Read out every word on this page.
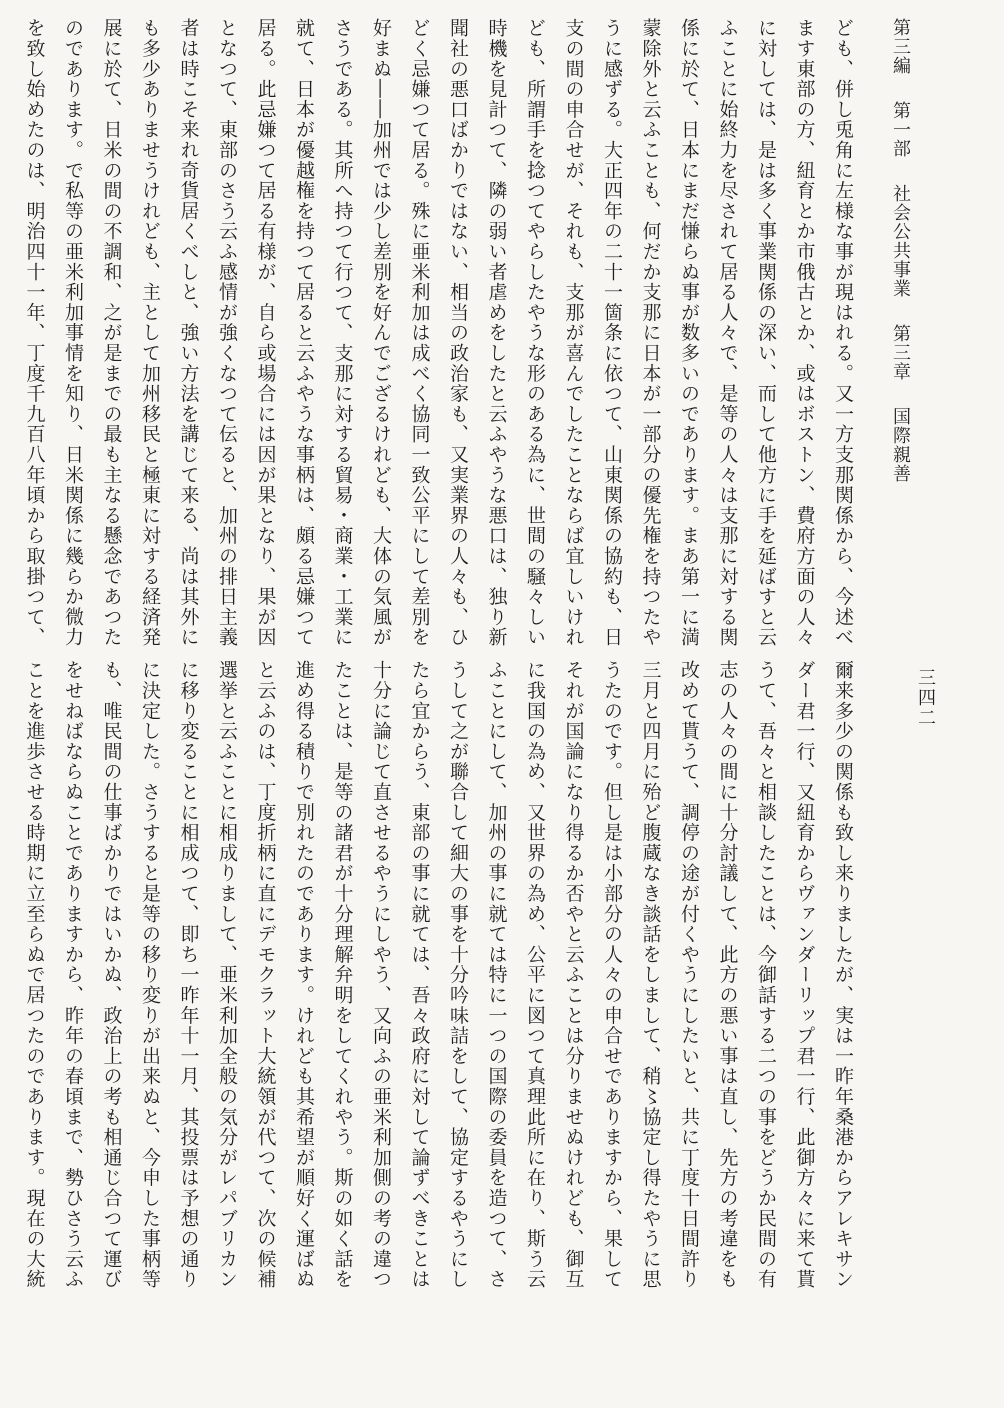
第三編第一部社会公共事業第三章国際親善
三四二
ども、併し兎角に左様な事が現はれる。又一方支那関係から、今述べ
ます東部の方、紐育とか市俄古とか、或はボストン、費府方面の人々
に対しては、是は多く事業関係の深い、而して他方に手を延ばすと云
ふことに始終力を尽されて居る人々で、是等の人々は支那に対する関
係に於て、日本にまだ慊らぬ事が数多いのであります。まあ第一に満
蒙除外と云ふことも、何だか支那に日本が一部分の優先権を持つたや
うに感ずる。大正四年の二十一箇条に依つて、山東関係の協約も、日
支の間の申合せが、それも、支那が喜んでしたことならば宜しいけれ
ども、所謂手を捻つてやらしたやうな形のある為に、世間の騒々しい
時機を見計つて、隣の弱い者虐めをしたと云ふやうな悪口は、独り新
聞社の悪口ばかりではない、相当の政治家も、又実業界の人々も、ひ
どく忌嫌つて居る。殊に亜米利加は成べく協同一致公平にして差別を
好まぬ――加州では少し差別を好んでござるけれども、大体の気風が
さうである。其所へ持つて行つて、支那に対する貿易・商業・工業に
就て、日本が優越権を持つて居ると云ふやうな事柄は、頗る忌嫌つて
居る。此忌嫌つて居る有様が、自ら或場合には因が果となり、果が因
となつて、東部のさう云ふ感情が強くなつて伝ると、加州の排日主義
者は時こそ来れ奇貨居くべしと、強い方法を講じて来る、尚は其外に
も多少ありませうけれども、主として加州移民と極東に対する経済発
展に於て、日米の間の不調和、之が是までの最も主なる懸念であつた
のであります。で私等の亜米利加事情を知り、日米関係に幾らか微力
を致し始めたのは、明治四十一年、丁度千九百八年頃から取掛つて、
爾来多少の関係も致し来りましたが、実は一昨年桑港からアレキサン
ダー君一行、又紐育からヴァンダーリップ君一行、此御方々に来て貰
うて、吾々と相談したことは、今御話する二つの事をどうか民間の有
志の人々の間に十分討議して、此方の悪い事は直し、先方の考違をも
改めて貰うて、調停の途が付くやうにしたいと、共に丁度十日間許り
三月と四月に殆ど腹蔵なき談話をしまして、稍〻協定し得たやうに思
うたのです。但し是は小部分の人々の申合せでありますから、果して
それが国論になり得るか否やと云ふことは分りませぬけれども、御互
に我国の為め、又世界の為め、公平に図つて真理此所に在り、斯う云
ふことにして、加州の事に就ては特に一つの国際の委員を造つて、さ
うして之が聯合して細大の事を十分吟味詰をして、協定するやうにし
たら宜からう、東部の事に就ては、吾々政府に対して論ずべきことは
十分に論じて直させるやうにしやう、又向ふの亜米利加側の考の違つ
たことは、是等の諸君が十分理解弁明をしてくれやう。斯の如く話を
進め得る積りで別れたのであります。けれども其希望が順好く運ばぬ
と云ふのは、丁度折柄に直にデモクラット大統領が代つて、次の候補
選挙と云ふことに相成りまして、亜米利加全般の気分がレパブリカン
に移り変ることに相成つて、即ち一昨年十一月、其投票は予想の通り
に決定した。さうすると是等の移り変りが出来ぬと、今申した事柄等
も、唯民間の仕事ばかりではいかぬ、政治上の考も相通じ合つて運び
をせねばならぬことでありますから、昨年の春頃まで、勢ひさう云ふ
ことを進歩させる時期に立至らぬで居つたのであります。現在の大統
